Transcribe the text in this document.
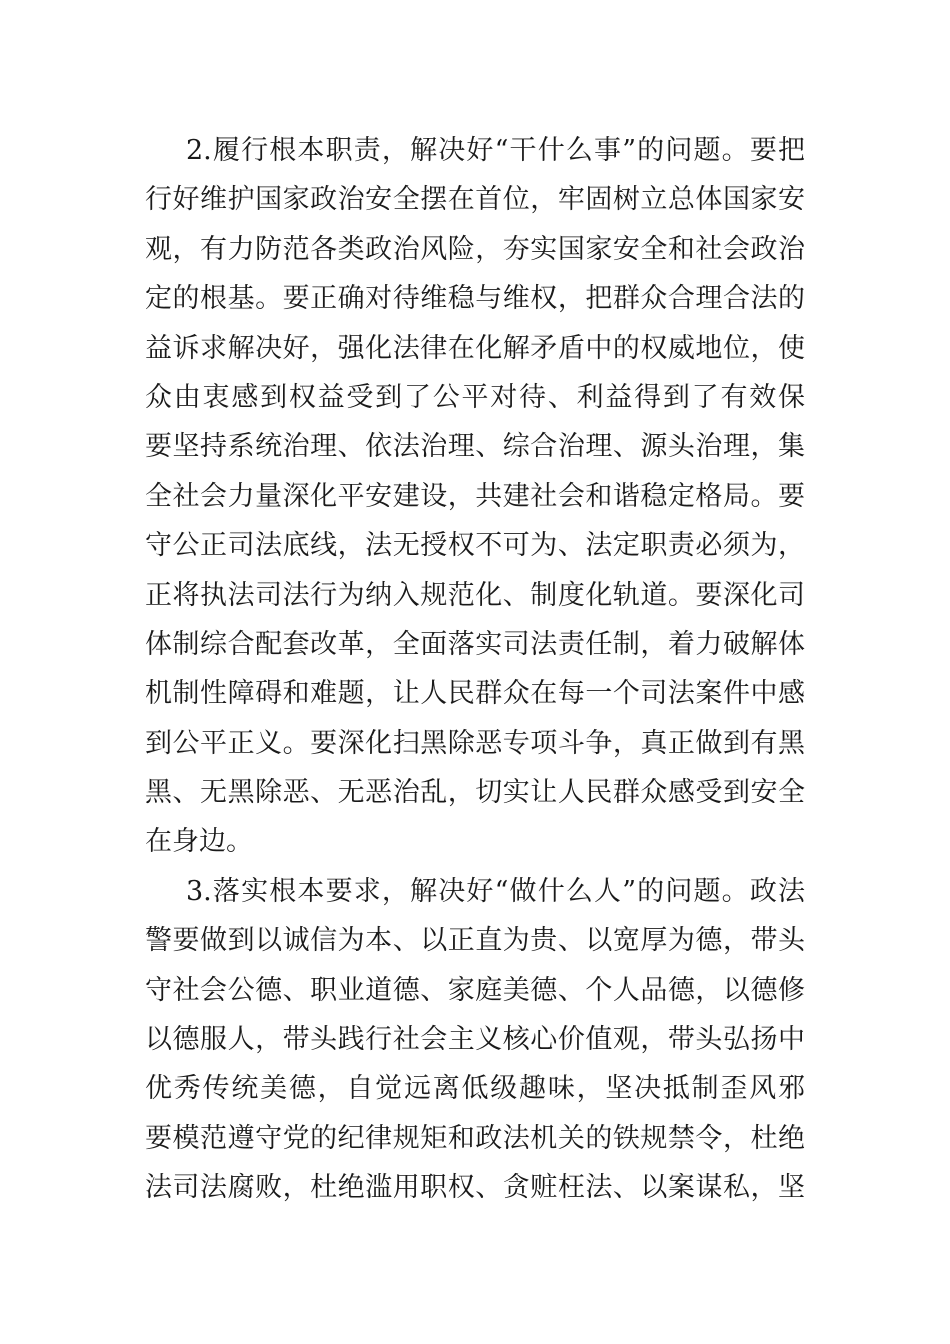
2.履行根本职责，解决好“干什么事”的问题。要把
行好维护国家政治安全摆在首位，牢固树立总体国家安
观，有力防范各类政治风险，夯实国家安全和社会政治
定的根基。要正确对待维稳与维权，把群众合理合法的
益诉求解决好，强化法律在化解矛盾中的权威地位，使
众由衷感到权益受到了公平对待、利益得到了有效保
要坚持系统治理、依法治理、综合治理、源头治理，集
全社会力量深化平安建设，共建社会和谐稳定格局。要
守公正司法底线，法无授权不可为、法定职责必须为，
正将执法司法行为纳入规范化、制度化轨道。要深化司
体制综合配套改革，全面落实司法责任制，着力破解体
机制性障碍和难题，让人民群众在每一个司法案件中感
到公平正义。要深化扫黑除恶专项斗争，真正做到有黑
黑、无黑除恶、无恶治乱，切实让人民群众感受到安全
在身边。
3.落实根本要求，解决好“做什么人”的问题。政法
警要做到以诚信为本、以正直为贵、以宽厚为德，带头
守社会公德、职业道德、家庭美德、个人品德，以德修
以德服人，带头践行社会主义核心价值观，带头弘扬中
优秀传统美德，自觉远离低级趣味，坚决抵制歪风邪
要模范遵守党的纪律规矩和政法机关的铁规禁令，杜绝
法司法腐败，杜绝滥用职权、贪赃枉法、以案谋私，坚
